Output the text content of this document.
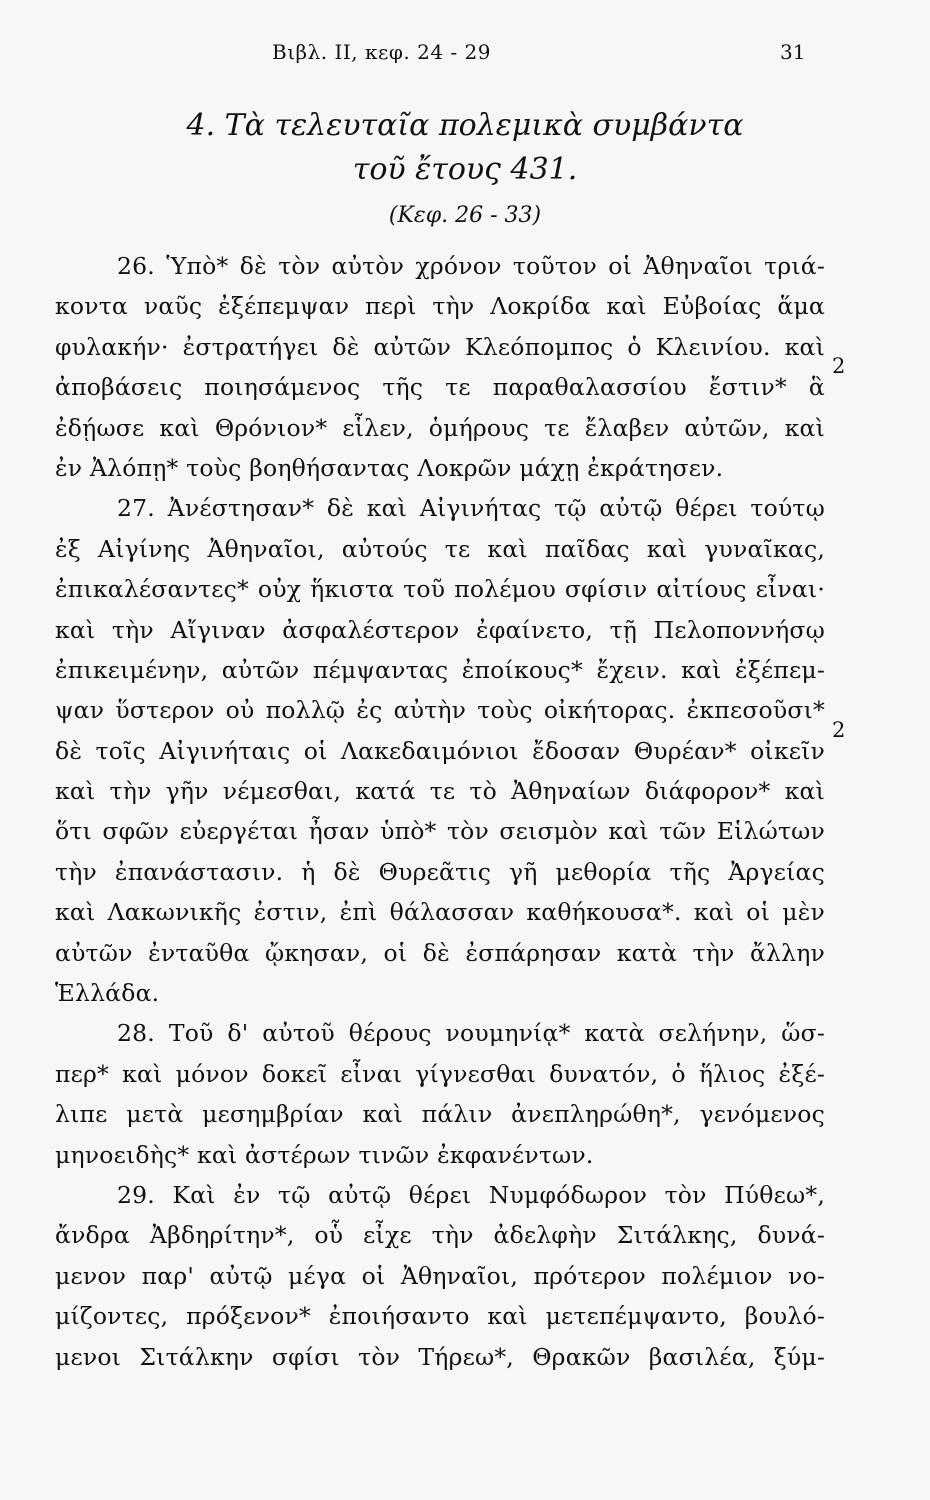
Βιβλ. ΙΙ, κεφ. 24 - 29	31
4. Τὰ τελευταῖα πολεμικὰ συμβάντα
τοῦ ἔτους 431.
(Κεφ. 26 - 33)
26. Ὑπὸ* δὲ τὸν αὐτὸν χρόνον τοῦτον οἱ Ἀθηναῖοι τριά-
κοντα ναῦς ἐξέπεμψαν περὶ τὴν Λοκρίδα καὶ Εὐβοίας ἅμα
φυλακήν· ἐστρατήγει δὲ αὐτῶν Κλεόπομπος ὁ Κλεινίου. καὶ
ἀποβάσεις ποιησάμενος τῆς τε παραθαλασσίου ἔστιν* ἃ
ἐδῄωσε καὶ Θρόνιον* εἷλεν, ὁμήρους τε ἔλαβεν αὐτῶν, καὶ
ἐν Ἀλόπῃ* τοὺς βοηθήσαντας Λοκρῶν μάχῃ ἐκράτησεν.
27. Ἀνέστησαν* δὲ καὶ Αἰγινήτας τῷ αὐτῷ θέρει τούτῳ
ἐξ Αἰγίνης Ἀθηναῖοι, αὐτούς τε καὶ παῖδας καὶ γυναῖκας,
ἐπικαλέσαντες* οὐχ ἥκιστα τοῦ πολέμου σφίσιν αἰτίους εἶναι·
καὶ τὴν Αἴγιναν ἀσφαλέστερον ἐφαίνετο, τῇ Πελοποννήσῳ
ἐπικειμένην, αὐτῶν πέμψαντας ἐποίκους* ἔχειν. καὶ ἐξέπεμ-
ψαν ὕστερον οὐ πολλῷ ἐς αὐτὴν τοὺς οἰκήτορας. ἐκπεσοῦσι*
δὲ τοῖς Αἰγινήταις οἱ Λακεδαιμόνιοι ἔδοσαν Θυρέαν* οἰκεῖν
καὶ τὴν γῆν νέμεσθαι, κατά τε τὸ Ἀθηναίων διάφορον* καὶ
ὅτι σφῶν εὐεργέται ἦσαν ὑπὸ* τὸν σεισμὸν καὶ τῶν Εἱλώτων
τὴν ἐπανάστασιν. ἡ δὲ Θυρεᾶτις γῆ μεθορία τῆς Ἀργείας
καὶ Λακωνικῆς ἐστιν, ἐπὶ θάλασσαν καθήκουσα*. καὶ οἱ μὲν
αὐτῶν ἐνταῦθα ᾤκησαν, οἱ δὲ ἐσπάρησαν κατὰ τὴν ἄλλην
Ἑλλάδα.
28. Τοῦ δ' αὐτοῦ θέρους νουμηνίᾳ* κατὰ σελήνην, ὥσ-
περ* καὶ μόνον δοκεῖ εἶναι γίγνεσθαι δυνατόν, ὁ ἥλιος ἐξέ-
λιπε μετὰ μεσημβρίαν καὶ πάλιν ἀνεπληρώθη*, γενόμενος
μηνοειδὴς* καὶ ἀστέρων τινῶν ἐκφανέντων.
29. Καὶ ἐν τῷ αὐτῷ θέρει Νυμφόδωρον τὸν Πύθεω*,
ἄνδρα Ἀβδηρίτην*, οὗ εἶχε τὴν ἀδελφὴν Σιτάλκης, δυνά-
μενον παρ' αὐτῷ μέγα οἱ Ἀθηναῖοι, πρότερον πολέμιον νο-
μίζοντες, πρόξενον* ἐποιήσαντο καὶ μετεπέμψαντο, βουλό-
μενοι Σιτάλκην σφίσι τὸν Τήρεω*, Θρακῶν βασιλέα, ξύμ-
2
2
